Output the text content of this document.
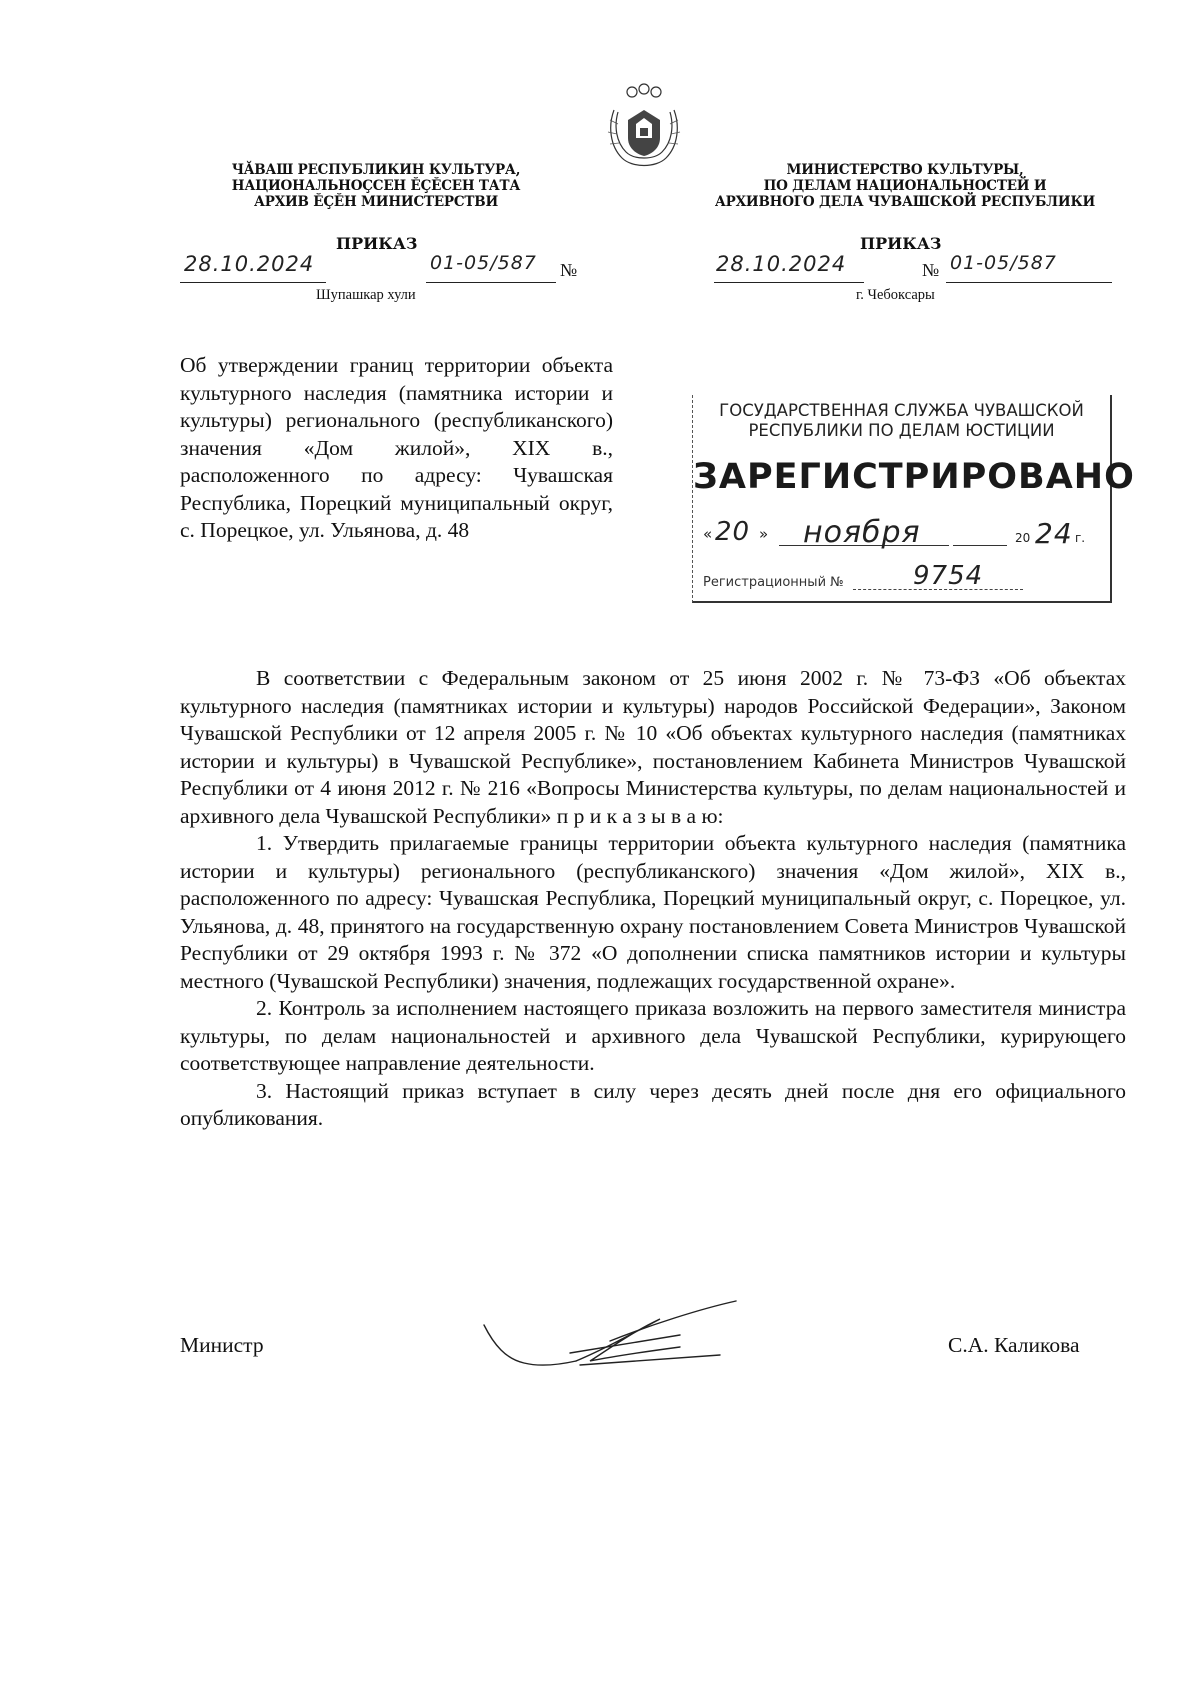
ЧĂВАШ РЕСПУБЛИКИН КУЛЬТУРА,
НАЦИОНАЛЬНОÇСЕН ĔÇĔСЕН ТАТА
АРХИВ ĔÇĔН МИНИСТЕРСТВИ
МИНИСТЕРСТВО КУЛЬТУРЫ,
ПО ДЕЛАМ НАЦИОНАЛЬНОСТЕЙ И
АРХИВНОГО ДЕЛА ЧУВАШСКОЙ РЕСПУБЛИКИ
ПРИКАЗ	ПРИКАЗ
28.10.2024	01-05/587 №
Шупашкар хули
28.10.2024	№ 01-05/587
г. Чебоксары
Об утверждении границ территории объекта культурного наследия (памятника истории и культуры) регионального (республиканского) значения «Дом жилой», XIX в., расположенного по адресу: Чувашская Республика, Порецкий муниципальный округ, с. Порецкое, ул. Ульянова, д. 48
ГОСУДАРСТВЕННАЯ СЛУЖБА ЧУВАШСКОЙ
РЕСПУБЛИКИ ПО ДЕЛАМ ЮСТИЦИИ
ЗАРЕГИСТРИРОВАНО
« 20 » ноября	20 24 г.
Регистрационный №	9754

В соответствии с Федеральным законом от 25 июня 2002 г. № 73-ФЗ «Об объектах культурного наследия (памятниках истории и культуры) народов Российской Федерации», Законом Чувашской Республики от 12 апреля 2005 г. № 10 «Об объектах культурного наследия (памятниках истории и культуры) в Чувашской Республике», постановлением Кабинета Министров Чувашской Республики от 4 июня 2012 г. № 216 «Вопросы Министерства культуры, по делам национальностей и архивного дела Чувашской Республики» п р и к а з ы в а ю:

1. Утвердить прилагаемые границы территории объекта культурного наследия (памятника истории и культуры) регионального (республиканского) значения «Дом жилой», XIX в., расположенного по адресу: Чувашская Республика, Порецкий муниципальный округ, с. Порецкое, ул. Ульянова, д. 48, принятого на государственную охрану постановлением Совета Министров Чувашской Республики от 29 октября 1993 г. № 372 «О дополнении списка памятников истории и культуры местного (Чувашской Республики) значения, подлежащих государственной охране».

2. Контроль за исполнением настоящего приказа возложить на первого заместителя министра культуры, по делам национальностей и архивного дела Чувашской Республики, курирующего соответствующее направление деятельности.

3. Настоящий приказ вступает в силу через десять дней после дня его официального опубликования.

Министр	С.А. Каликова
